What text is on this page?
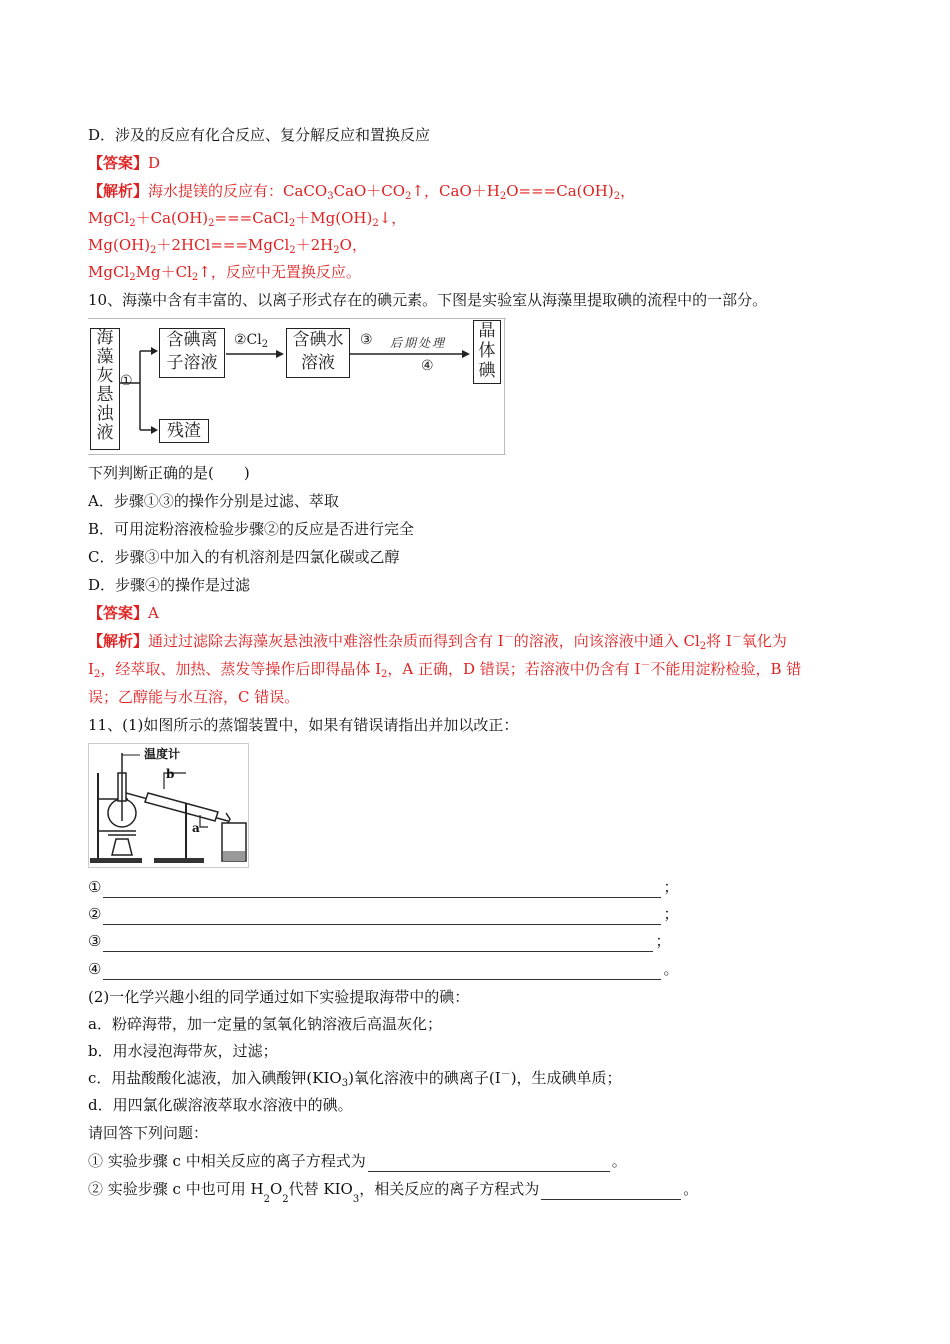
D．涉及的反应有化合反应、复分解反应和置换反应
【答案】D
【解析】海水提镁的反应有：$CaCO_3CaO+CO_2↑$，$CaO+H_2O===Ca(OH)_2$，
$MgCl_2+Ca(OH)_2===CaCl_2+Mg(OH)_2↓$，
$Mg(OH)_2+2HCl===MgCl_2+2H_2O$，
$MgCl_2Mg+Cl_2↑$，反应中无置换反应。
10、海藻中含有丰富的、以离子形式存在的碘元素。下图是实验室从海藻里提取碘的流程中的一部分。
海
藻
灰
悬
浊
液
①
含碘离
子溶液
$②Cl_2$	含碘水
溶液
③ 后期处理
④
晶
体
碘
残渣
下列判断正确的是(　　)
A．步骤①③的操作分别是过滤、萃取
B．可用淀粉溶液检验步骤②的反应是否进行完全
C．步骤③中加入的有机溶剂是四氯化碳或乙醇
D．步骤④的操作是过滤
【答案】A
【解析】通过过滤除去海藻灰悬浊液中难溶性杂质而得到含有 I－的溶液，向该溶液中通入 $Cl_2$将 I－氧化为
$I_2$，经萃取、加热、蒸发等操作后即得晶体 $I_2$，A 正确，D 错误；若溶液中仍含有 I－不能用淀粉检验，B 错
误；乙醇能与水互溶，C 错误。
11、(1)如图所示的蒸馏装置中，如果有错误请指出并加以改正：
温度计
b
a
①	；
②	；
③	；
④	。
(2)一化学兴趣小组的同学通过如下实验提取海带中的碘：
a．粉碎海带，加一定量的氢氧化钠溶液后高温灰化；
b．用水浸泡海带灰，过滤；
c．用盐酸酸化滤液，加入碘酸钾$(KIO_3)$氧化溶液中的碘离子(I－)，生成碘单质；
d．用四氯化碳溶液萃取水溶液中的碘。
请回答下列问题：
① 实验步骤 c 中相关反应的离子方程式为	。
② 实验步骤 c 中也可用 H
2
O
2
代替 KIO
3
，相关反应的离子方程式为	。
